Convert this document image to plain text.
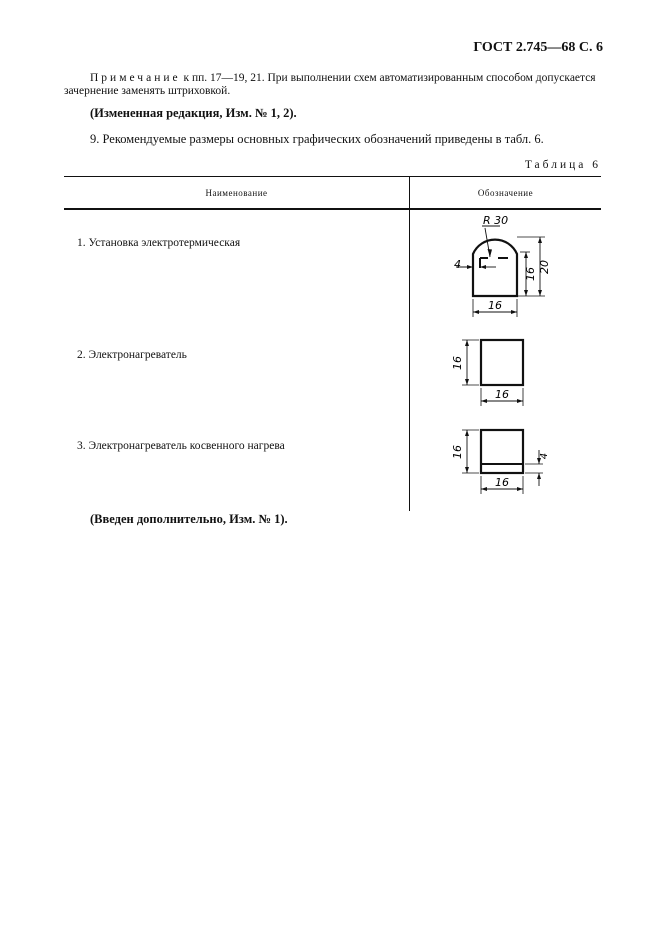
ГОСТ 2.745—68 С. 6
Примечание к пп. 17—19, 21. При выполнении схем автоматизированным способом допускается зачернение заменять штриховкой.
(Измененная редакция, Изм. № 1, 2).
9. Рекомендуемые размеры основных графических обозначений приведены в табл. 6.
Таблица 6
Наименование	Обозначение
1. Установка электротермическая
2. Электронагреватель
3. Электронагреватель косвенного нагрева
R 30
4
16 20
16
16
16
16	4
16
(Введен дополнительно, Изм. № 1).
